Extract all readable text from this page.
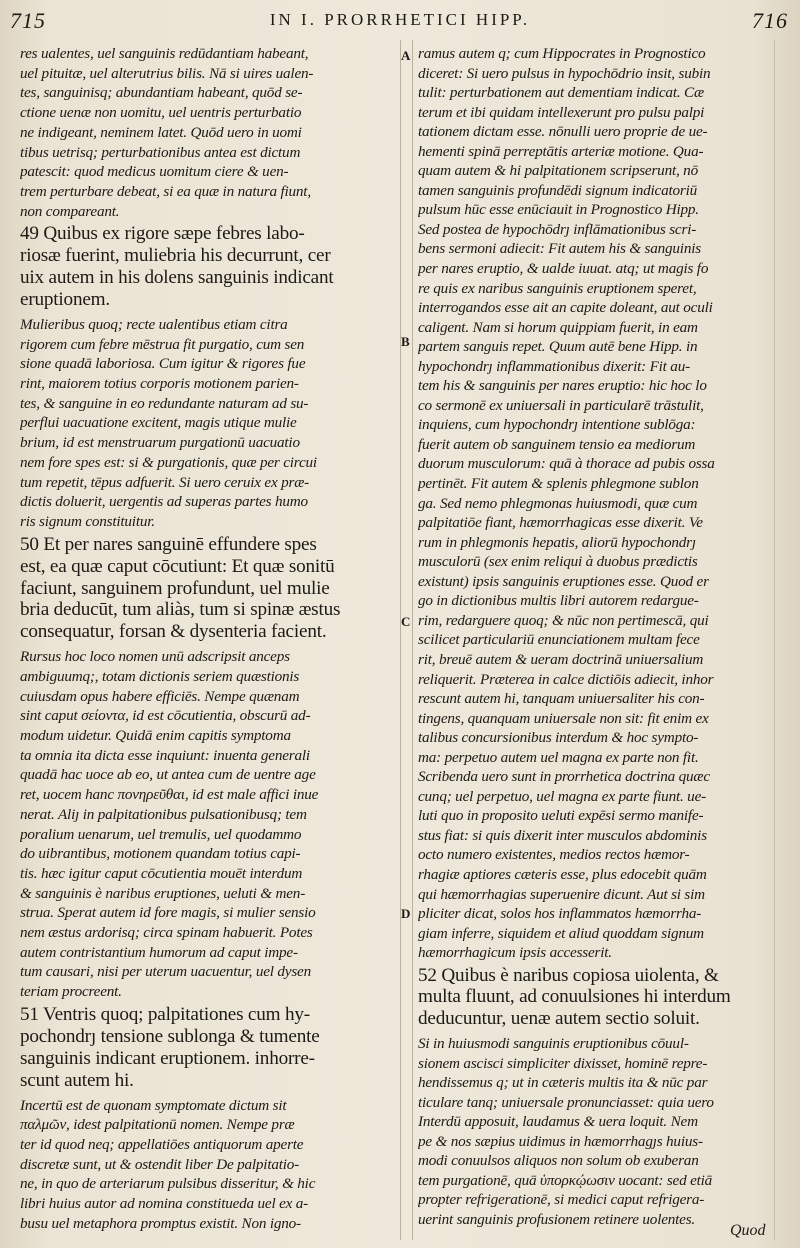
715	IN I. PRORRHETICI HIPP.	716
A
B
C
D
res ualentes, uel sanguinis redūdantiam habeant,
uel pituitæ, uel alterutrius bilis. Nā si uires ualen-
tes, sanguinisq; abundantiam habeant, quōd se-
ctione uenæ non uomitu, uel uentris perturbatio
ne indigeant, neminem latet. Quōd uero in uomi
tibus uetrisq; perturbationibus antea est dictum
patescit: quod medicus uomitum ciere & uen-
trem perturbare debeat, si ea quæ in natura fiunt,
non compareant.
49 Quibus ex rigore sæpe febres labo-
riosæ fuerint, muliebria his decurrunt, cer
uix autem in his dolens sanguinis indicant
eruptionem.
Mulieribus quoq; recte ualentibus etiam citra
rigorem cum febre mēstrua fit purgatio, cum sen
sione quadā laboriosa. Cum igitur & rigores fue
rint, maiorem totius corporis motionem parien-
tes, & sanguine in eo redundante naturam ad su-
perflui uacuatione excitent, magis utique mulie
brium, id est menstruarum purgationū uacuatio
nem fore spes est: si & purgationis, quæ per circui
tum repetit, tēpus adfuerit. Si uero ceruix ex præ-
dictis doluerit, uergentis ad superas partes humo
ris signum constituitur.
50 Et per nares sanguinē effundere spes
est, ea quæ caput cōcutiunt: Et quæ sonitū
faciunt, sanguinem profundunt, uel mulie
bria deducūt, tum aliàs, tum si spinæ æstus
consequatur, forsan & dysenteria facient.
Rursus hoc loco nomen unū adscripsit anceps
ambiguumq;, totam dictionis seriem quæstionis
cuiusdam opus habere efficiēs. Nempe quænam
sint caput σείοντα, id est cōcutientia, obscurū ad-
modum uidetur. Quidā enim capitis symptoma
ta omnia ita dicta esse inquiunt: inuenta generali
quadā hac uoce ab eo, ut antea cum de uentre age
ret, uocem hanc πονηρεῦθαι, id est male affici inue
nerat. Aliȷ in palpitationibus pulsationibusq; tem
poralium uenarum, uel tremulis, uel quodammo
do uibrantibus, motionem quandam totius capi-
tis. hæc igitur caput cōcutientia mouēt interdum
& sanguinis è naribus eruptiones, ueluti & men-
strua. Sperat autem id fore magis, si mulier sensio
nem æstus ardorisq; circa spinam habuerit. Potes
autem contristantium humorum ad caput impe-
tum causari, nisi per uterum uacuentur, uel dysen
teriam procreent.
51 Ventris quoq; palpitationes cum hy-
pochondrȷ tensione sublonga & tumente
sanguinis indicant eruptionem. inhorre-
scunt autem hi.
Incertū est de quonam symptomate dictum sit
παλμῶν, idest palpitationū nomen. Nempe præ
ter id quod neq; appellatiōes antiquorum aperte
discretæ sunt, ut & ostendit liber De palpitatio-
ne, in quo de arteriarum pulsibus disseritur, & hic
libri huius autor ad nomina constitueda uel ex a-
busu uel metaphora promptus existit. Non igno-
ramus autem q; cum Hippocrates in Prognostico
diceret: Si uero pulsus in hypochōdrio insit, subin
tulit: perturbationem aut dementiam indicat. Cæ
terum et ibi quidam intellexerunt pro pulsu palpi
tationem dictam esse. nōnulli uero proprie de ue-
hementi spinā perreptātis arteriæ motione. Qua-
quam autem & hi palpitationem scripserunt, nō
tamen sanguinis profundēdi signum indicatoriū
pulsum hūc esse enūciauit in Prognostico Hipp.
Sed postea de hypochōdrȷ inflāmationibus scri-
bens sermoni adiecit: Fit autem his & sanguinis
per nares eruptio, & ualde iuuat. atq; ut magis fo
re quis ex naribus sanguinis eruptionem speret,
interrogandos esse ait an capite doleant, aut oculi
caligent. Nam si horum quippiam fuerit, in eam
partem sanguis repet. Quum autē bene Hipp. in
hypochondrȷ inflammationibus dixerit: Fit au-
tem his & sanguinis per nares eruptio: hic hoc lo
co sermonē ex uniuersali in particularē trāstulit,
inquiens, cum hypochondrȷ intentione sublōga:
fuerit autem ob sanguinem tensio ea mediorum
duorum musculorum: quā à thorace ad pubis ossa
pertinēt. Fit autem & splenis phlegmone sublon
ga. Sed nemo phlegmonas huiusmodi, quæ cum
palpitatiōe fiant, hæmorrhagicas esse dixerit. Ve
rum in phlegmonis hepatis, aliorū hypochondrȷ
musculorū (sex enim reliqui à duobus prædictis
existunt) ipsis sanguinis eruptiones esse. Quod er
go in dictionibus multis libri autorem redargue-
rim, redarguere quoq; & nūc non pertimescā, qui
scilicet particulariū enunciationem multam fece
rit, breuē autem & ueram doctrinā uniuersalium
reliquerit. Præterea in calce dictiōis adiecit, inhor
rescunt autem hi, tanquam uniuersaliter his con-
tingens, quanquam uniuersale non sit: fit enim ex
talibus concursionibus interdum & hoc sympto-
ma: perpetuo autem uel magna ex parte non fit.
Scribenda uero sunt in prorrhetica doctrina quæc
cunq; uel perpetuo, uel magna ex parte fiunt. ue-
luti quo in proposito ueluti expēsi sermo manife-
stus fiat: si quis dixerit inter musculos abdominis
octo numero existentes, medios rectos hæmor-
rhagiæ aptiores cæteris esse, plus edocebit quām
qui hæmorrhagias superuenire dicunt. Aut si sim
pliciter dicat, solos hos inflammatos hæmorrha-
giam inferre, siquidem et aliud quoddam signum
hæmorrhagicum ipsis accesserit.
52 Quibus è naribus copiosa uiolenta, &
multa fluunt, ad conuulsiones hi interdum
deducuntur, uenæ autem sectio soluit.
Si in huiusmodi sanguinis eruptionibus cōuul-
sionem ascisci simpliciter dixisset, hominē repre-
hendissemus q; ut in cæteris multis ita & nūc par
ticulare tanq; uniuersale pronunciasset: quia uero
Interdū apposuit, laudamus & uera loquit. Nem
pe & nos sæpius uidimus in hæmorrhagȷs huius-
modi conuulsos aliquos non solum ob exuberan
tem purgationē, quā ὑπορκῴωσιν uocant: sed etiā
propter refrigerationē, si medici caput refrigera-
uerint sanguinis profusionem retinere uolentes.
Quod
